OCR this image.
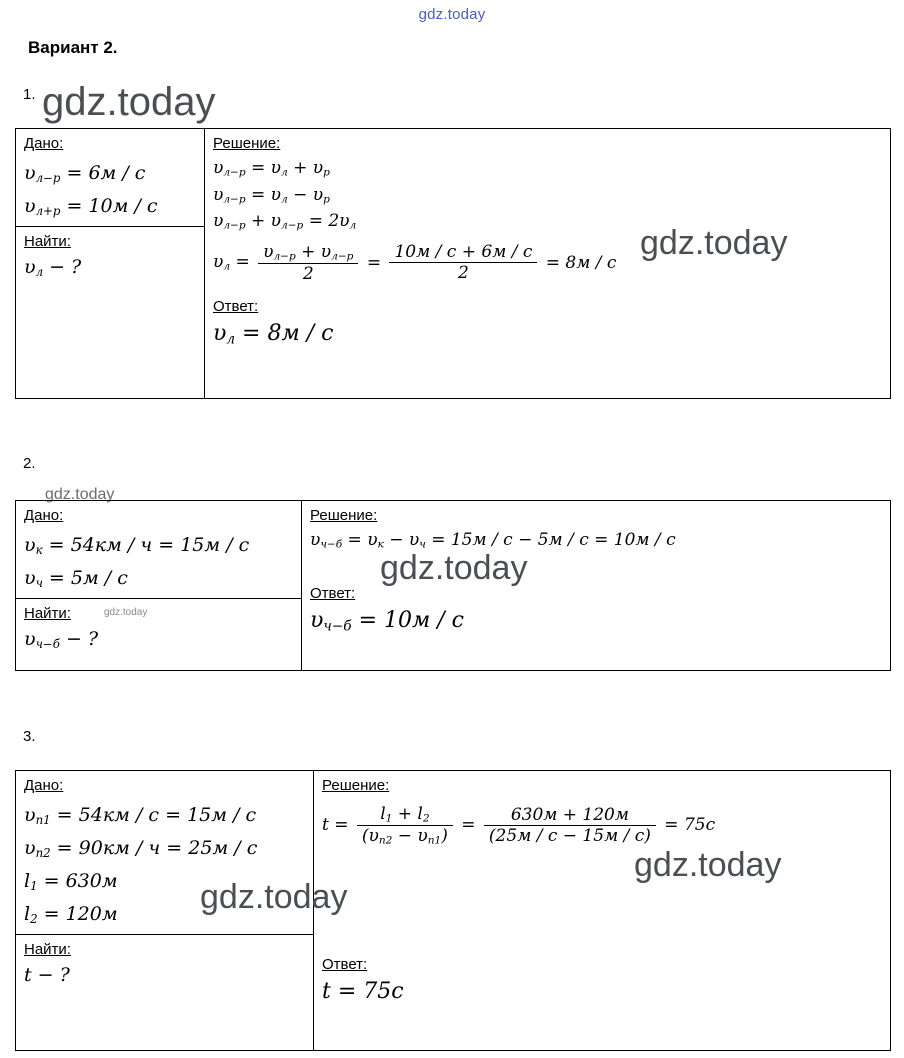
gdz.today
Вариант 2.
1. gdz.today
Дано:
$\upsilon_{л-р} = 6м / с$
$\upsilon_{л+р} = 10м / с$
Найти:
$\upsilon_л$ − ?

Решение:
$\upsilon_{л-р} = \upsilon_л + \upsilon_р$
$\upsilon_{л-р} = \upsilon_л - \upsilon_р$
$\upsilon_{л-р} + \upsilon_{л-р} = 2\upsilon_л$
$\upsilon_л = \frac{\upsilon_{л-р} + \upsilon_{л-р}}{2} = \frac{10м / с + 6м / с}{2} = 8м / с$
Ответ:
$\upsilon_л = 8м / с$
gdz.today
2.
gdz.today
Дано:
$\upsilon_к = 54км / ч = 15м / с$
$\upsilon_ч = 5м / с$
Найти:
$\upsilon_{ч-б}$ − ?
gdz.today

Решение:
$\upsilon_{ч-б} = \upsilon_к - \upsilon_ч = 15м / с - 5м / с = 10м / с$
Ответ:
$\upsilon_{ч-б} = 10м / с$
gdz.today
3.
Дано:
$\upsilon_{п1} = 54км / с = 15м / с$
$\upsilon_{п2} = 90км / ч = 25м / с$
$l_1 = 630м$
$l_2 = 120м$
Найти:
t − ?

Решение:
$t = \frac{l_1 + l_2}{(\upsilon_{п2} - \upsilon_{п1})} = \frac{630м + 120м}{(25м / с - 15м / с)} = 75с$
Ответ:
t = 75с
gdz.today
gdz.today
